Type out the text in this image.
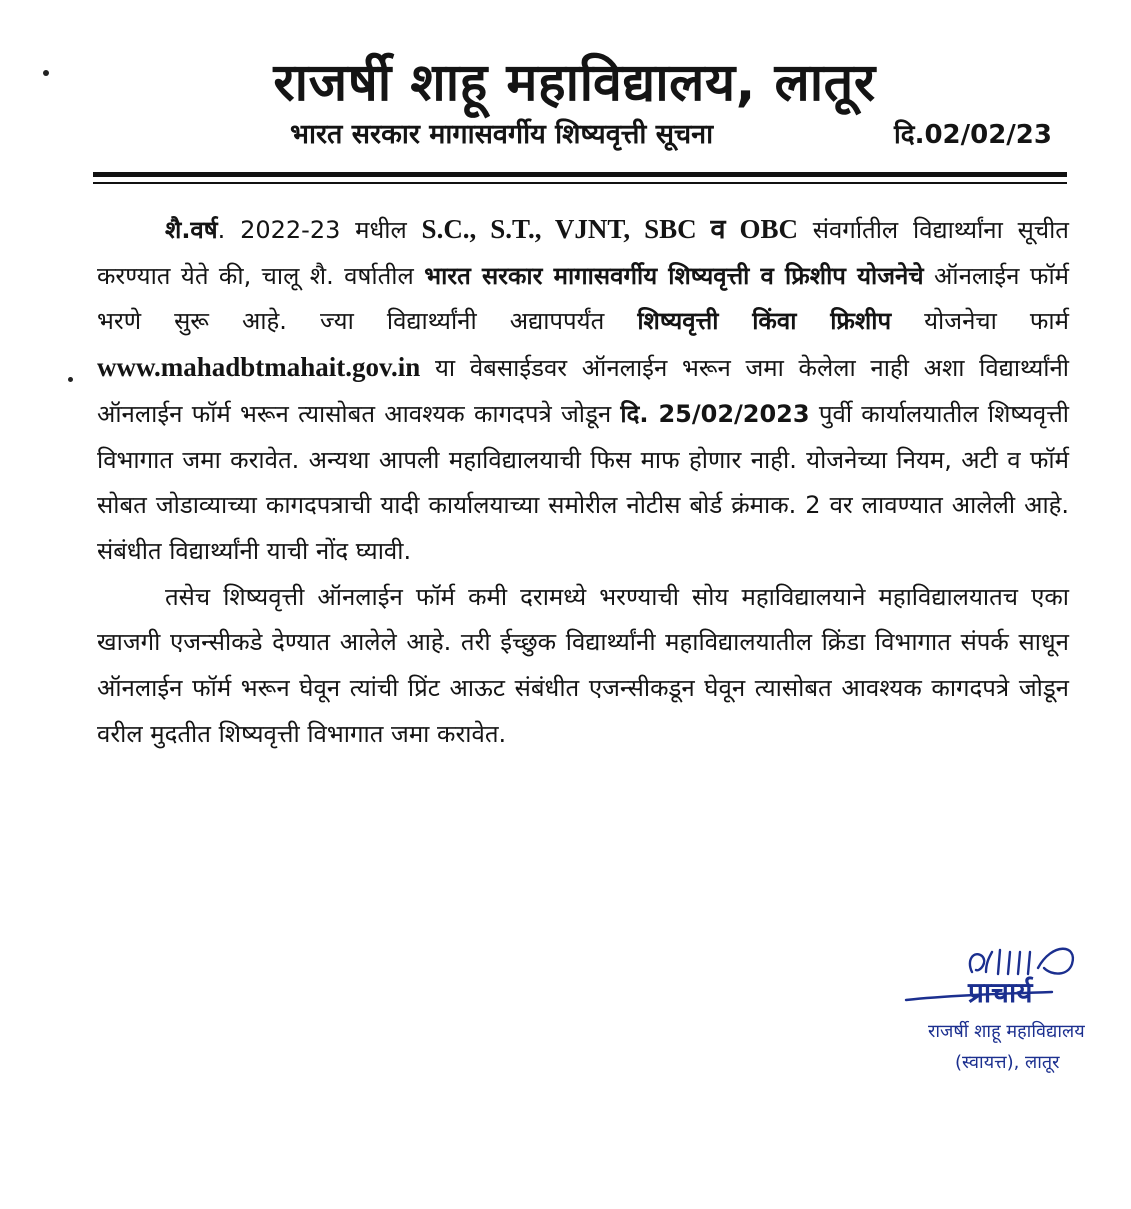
राजर्षी शाहू महाविद्यालय, लातूर
भारत सरकार मागासवर्गीय शिष्यवृत्ती सूचना	दि.02/02/23

शै.वर्ष. 2022-23 मधील S.C., S.T., VJNT, SBC व OBC संवर्गातील विद्यार्थ्यांना सूचीत करण्यात येते की, चालू शै. वर्षातील भारत सरकार मागासवर्गीय शिष्यवृत्ती व फ्रिशीप योजनेचे ऑनलाईन फॉर्म भरणे सुरू आहे. ज्या विद्यार्थ्यांनी अद्यापपर्यंत शिष्यवृत्ती किंवा फ्रिशीप योजनेचा फार्म www.mahadbtmahait.gov.in या वेबसाईडवर ऑनलाईन भरून जमा केलेला नाही अशा विद्यार्थ्यांनी ऑनलाईन फॉर्म भरून त्यासोबत आवश्यक कागदपत्रे जोडून दि. 25/02/2023 पुर्वी कार्यालयातील शिष्यवृत्ती विभागात जमा करावेत. अन्यथा आपली महाविद्यालयाची फिस माफ होणार नाही. योजनेच्या नियम, अटी व फॉर्म सोबत जोडाव्याच्या कागदपत्राची यादी कार्यालयाच्या समोरील नोटीस बोर्ड क्रंमाक. 2 वर लावण्यात आलेली आहे. संबंधीत विद्यार्थ्यांनी याची नोंद घ्यावी.

तसेच शिष्यवृत्ती ऑनलाईन फॉर्म कमी दरामध्ये भरण्याची सोय महाविद्यालयाने महाविद्यालयातच एका खाजगी एजन्सीकडे देण्यात आलेले आहे. तरी ईच्छुक विद्यार्थ्यांनी महाविद्यालयातील क्रिंडा विभागात संपर्क साधून ऑनलाईन फॉर्म भरून घेवून त्यांची प्रिंट आऊट संबंधीत एजन्सीकडून घेवून त्यासोबत आवश्यक कागदपत्रे जोडून वरील मुदतीत शिष्यवृत्ती विभागात जमा करावेत.

प्राचार्य
राजर्षी शाहू महाविद्यालय
(स्वायत्त), लातूर
